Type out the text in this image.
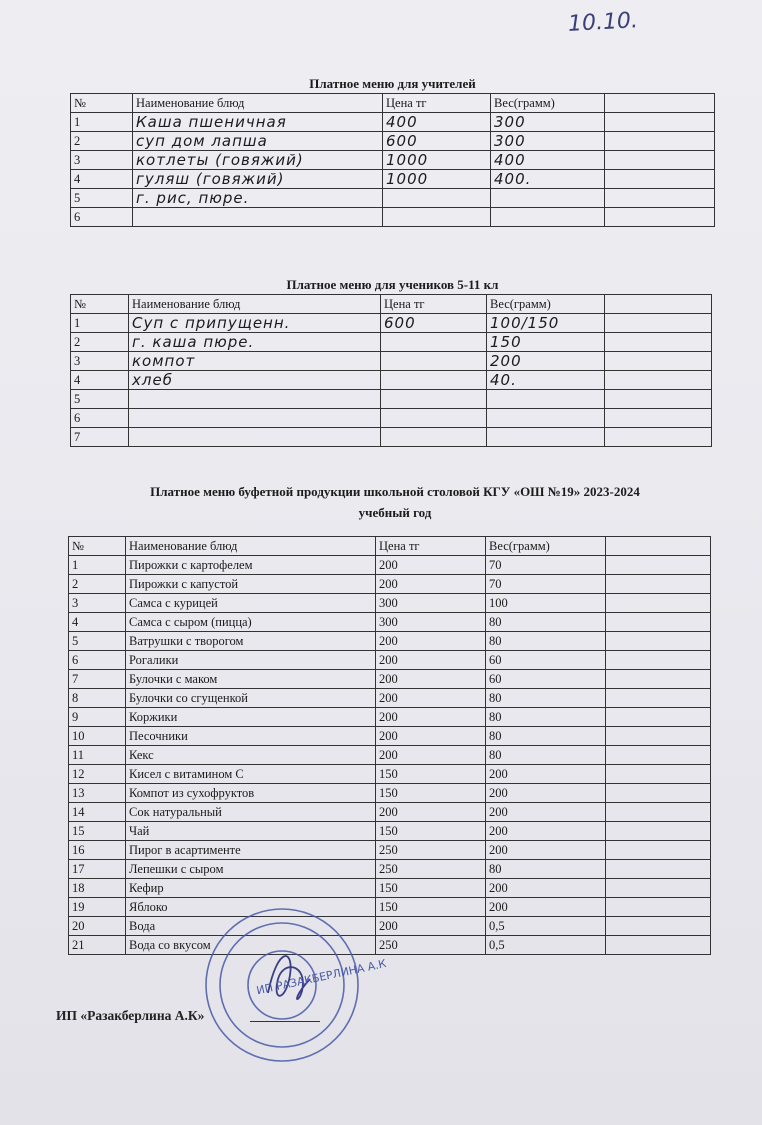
10.10.
Платное меню для учителей
№	Наименование блюд	Цена тг	Вес(грамм)	
1	Каша пшеничная	400	300	
2	суп дом лапша	600	300	
3	котлеты (говяжий)	1000	400	
4	гуляш (говяжий)	1000	400.	
5	г. рис, пюре.			
6				
Платное меню для учеников 5-11 кл
№	Наименование блюд	Цена тг	Вес(грамм)	
1	Суп с припущенн.	600	100/150	
2	г. каша пюре.		150	
3	компот		200	
4	хлеб		40.	
5				
6				
7				
Платное меню буфетной продукции школьной столовой КГУ «ОШ №19» 2023-2024
учебный год
№	Наименование блюд	Цена тг	Вес(грамм)	
1	Пирожки с картофелем	200	70	
2	Пирожки с капустой	200	70	
3	Самса с курицей	300	100	
4	Самса с сыром (пицца)	300	80	
5	Ватрушки с творогом	200	80	
6	Рогалики	200	60	
7	Булочки с маком	200	60	
8	Булочки со сгущенкой	200	80	
9	Коржики	200	80	
10	Песочники	200	80	
11	Кекс	200	80	
12	Кисел с витамином С	150	200	
13	Компот из сухофруктов	150	200	
14	Сок натуральный	200	200	
15	Чай	150	200	
16	Пирог в асартименте	250	200	
17	Лепешки с сыром	250	80	
18	Кефир	150	200	
19	Яблоко	150	200	
20	Вода	200	0,5	
21	Вода со вкусом	250	0,5	
ИП «Разакберлина А.К»
ИП РАЗАКБЕРЛИНА А.К
